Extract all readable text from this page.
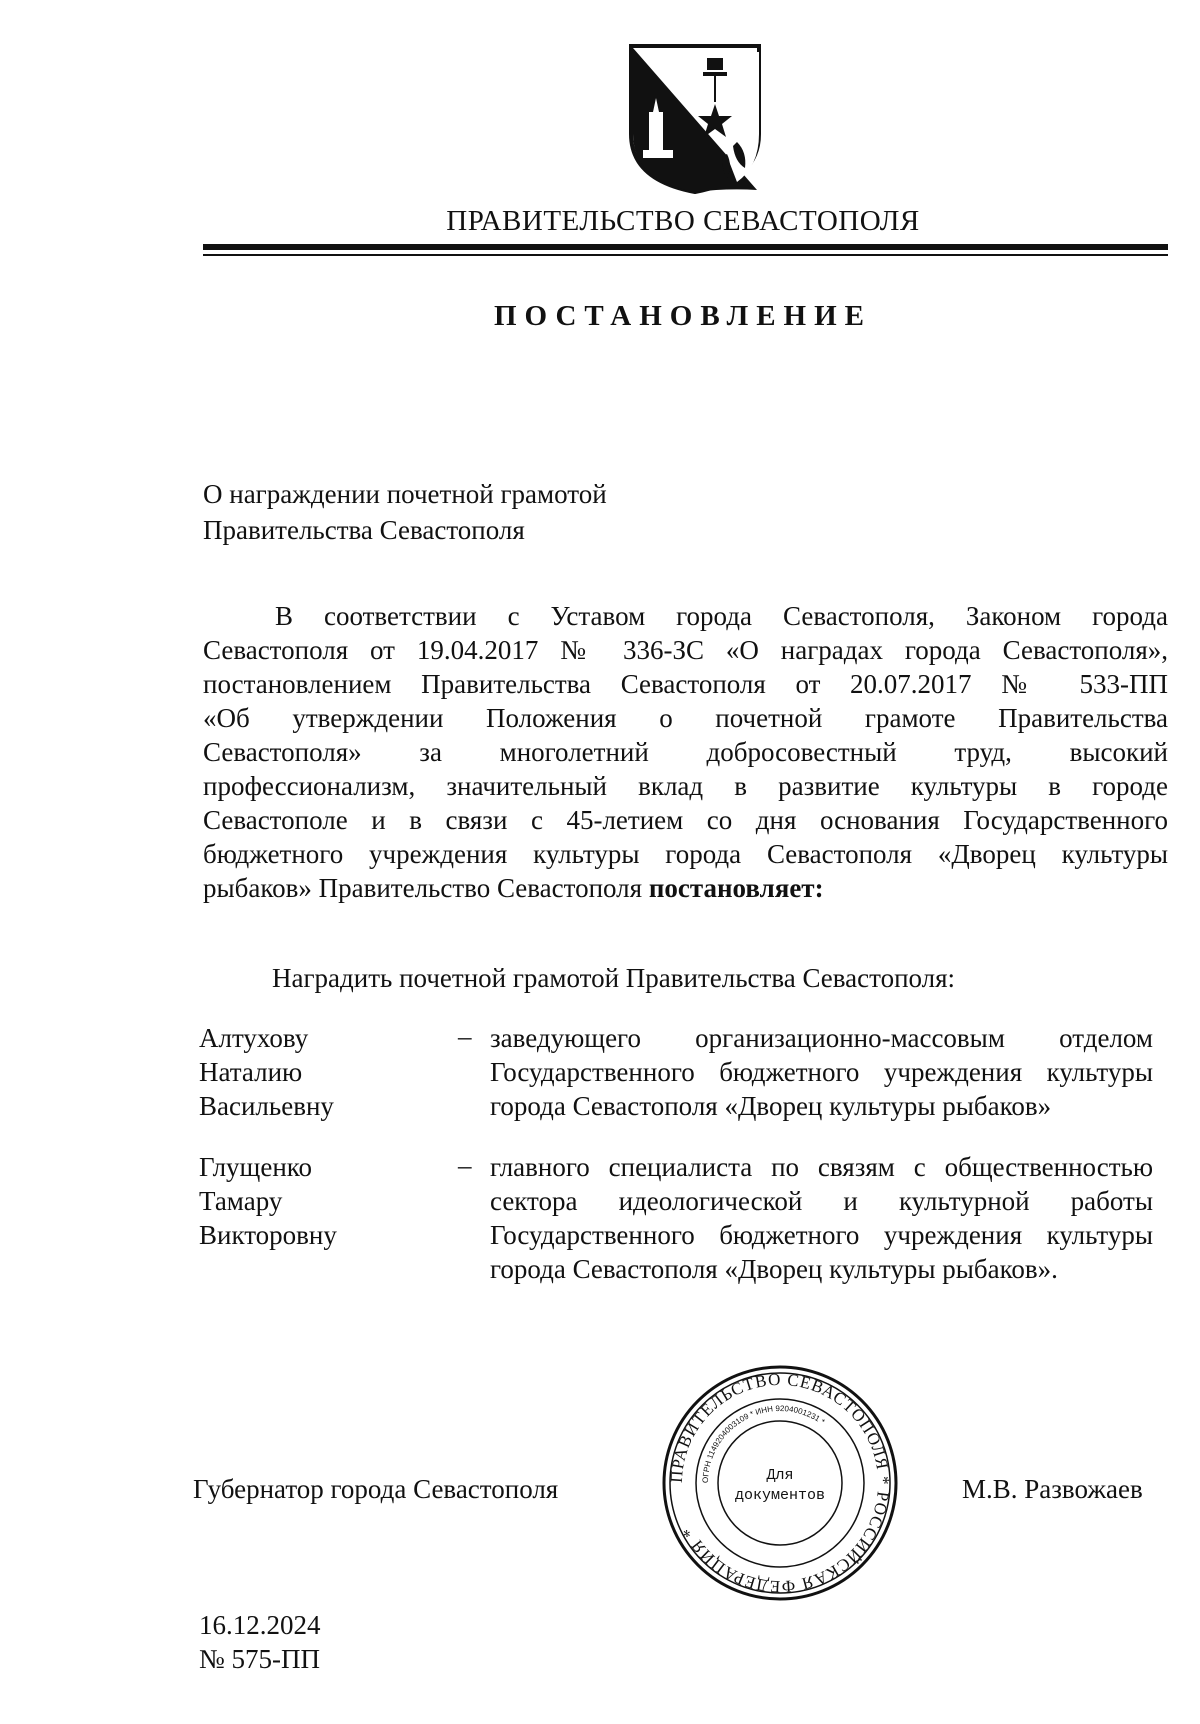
ПРАВИТЕЛЬСТВО СЕВАСТОПОЛЯ
ПОСТАНОВЛЕНИЕ
О награждении почетной грамотой
Правительства Севастополя
В соответствии с Уставом города Севастополя, Законом города
Севастополя от 19.04.2017 № 336-ЗС «О наградах города Севастополя»,
постановлением Правительства Севастополя от 20.07.2017 № 533-ПП
«Об утверждении Положения о почетной грамоте Правительства
Севастополя» за многолетний добросовестный труд, высокий
профессионализм, значительный вклад в развитие культуры в городе
Севастополе и в связи с 45-летием со дня основания Государственного
бюджетного учреждения культуры города Севастополя «Дворец культуры
рыбаков» Правительство Севастополя постановляет:
Наградить почетной грамотой Правительства Севастополя:
Алтухову
Наталию
Васильевну
– заведующего организационно-массовым отделом
Государственного бюджетного учреждения культуры
города Севастополя «Дворец культуры рыбаков»
Глущенко
Тамару
Викторовну
– главного специалиста по связям с общественностью
сектора идеологической и культурной работы
Государственного бюджетного учреждения культуры
города Севастополя «Дворец культуры рыбаков».
Губернатор города Севастополя	М.В. Развожаев
ПРАВИТЕЛЬСТВО СЕВАСТОПОЛЯ * РОССИЙСКАЯ ФЕДЕРАЦИЯ *
ОГРН 1149204003109 * ИНН 9204001231 *
Для
документов
16.12.2024
№ 575-ПП
